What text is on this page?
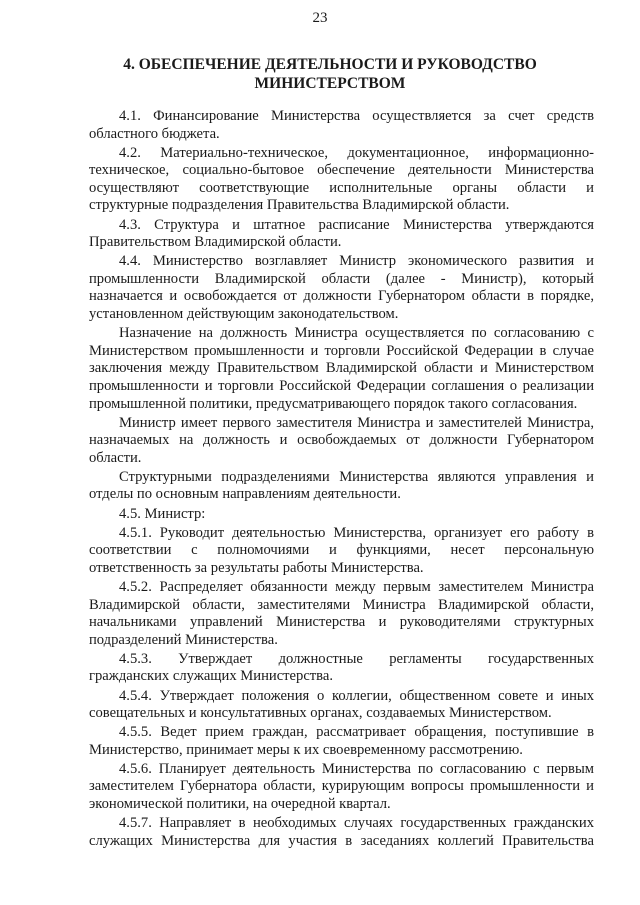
23
4. ОБЕСПЕЧЕНИЕ ДЕЯТЕЛЬНОСТИ И РУКОВОДСТВО
МИНИСТЕРСТВОМ
4.1. Финансирование Министерства осуществляется за счет средств
областного бюджета.
4.2. Материально-техническое, документационное, информационно-
техническое, социально-бытовое обеспечение деятельности Министерства
осуществляют соответствующие исполнительные органы области и
структурные подразделения Правительства Владимирской области.
4.3. Структура и штатное расписание Министерства утверждаются
Правительством Владимирской области.
4.4. Министерство возглавляет Министр экономического развития и
промышленности Владимирской области (далее - Министр), который
назначается и освобождается от должности Губернатором области в порядке,
установленном действующим законодательством.
Назначение на должность Министра осуществляется по согласованию с
Министерством промышленности и торговли Российской Федерации в случае
заключения между Правительством Владимирской области и Министерством
промышленности и торговли Российской Федерации соглашения о реализации
промышленной политики, предусматривающего порядок такого согласования.
Министр имеет первого заместителя Министра и заместителей Министра,
назначаемых на должность и освобождаемых от должности Губернатором
области.
Структурными подразделениями Министерства являются управления и
отделы по основным направлениям деятельности.
4.5. Министр:
4.5.1. Руководит деятельностью Министерства, организует его работу в
соответствии с полномочиями и функциями, несет персональную
ответственность за результаты работы Министерства.
4.5.2. Распределяет обязанности между первым заместителем Министра
Владимирской области, заместителями Министра Владимирской области,
начальниками управлений Министерства и руководителями структурных
подразделений Министерства.
4.5.3. Утверждает должностные регламенты государственных
гражданских служащих Министерства.
4.5.4. Утверждает положения о коллегии, общественном совете и иных
совещательных и консультативных органах, создаваемых Министерством.
4.5.5. Ведет прием граждан, рассматривает обращения, поступившие в
Министерство, принимает меры к их своевременному рассмотрению.
4.5.6. Планирует деятельность Министерства по согласованию с первым
заместителем Губернатора области, курирующим вопросы промышленности и
экономической политики, на очередной квартал.
4.5.7. Направляет в необходимых случаях государственных гражданских
служащих Министерства для участия в заседаниях коллегий Правительства
